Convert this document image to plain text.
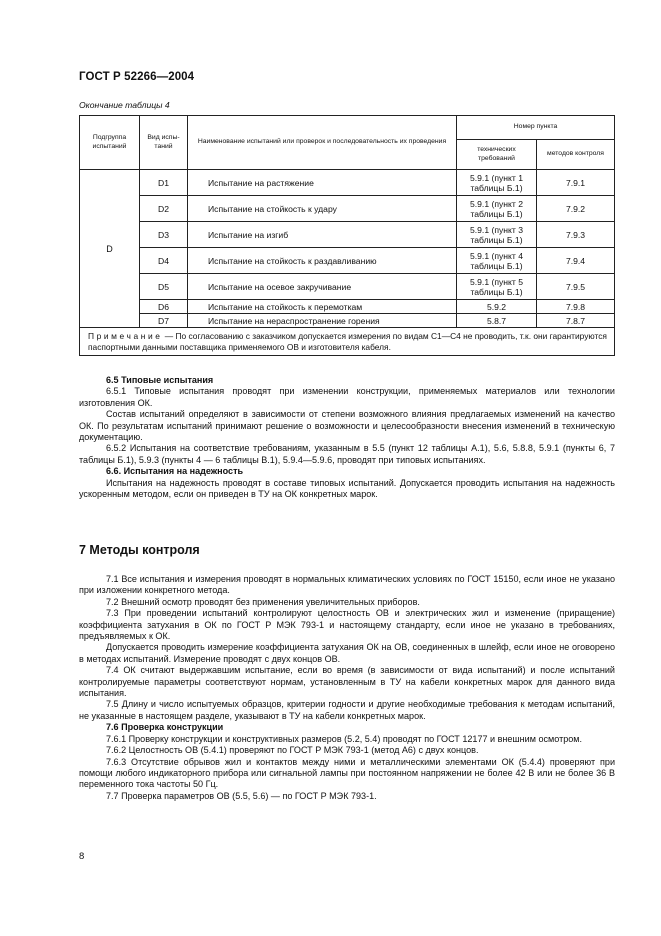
ГОСТ Р 52266—2004
Окончание таблицы 4
Подгруппа испытаний	Вид испы-таний	Наименование испытаний или проверок и последовательность их проведения	Номер пункта	
			технических требований	методов контроля
D	D1	Испытание на растяжение	5.9.1 (пункт 1 таблицы Б.1)	7.9.1
	D2	Испытание на стойкость к удару	5.9.1 (пункт 2 таблицы Б.1)	7.9.2
	D3	Испытание на изгиб	5.9.1 (пункт 3 таблицы Б.1)	7.9.3
	D4	Испытание на стойкость к раздавливанию	5.9.1 (пункт 4 таблицы Б.1)	7.9.4
	D5	Испытание на осевое закручивание	5.9.1 (пункт 5 таблицы Б.1)	7.9.5
	D6	Испытание на стойкость к перемоткам	5.9.2	7.9.8
	D7	Испытание на нераспространение горения	5.8.7	7.8.7
Примечание — По согласованию с заказчиком допускается измерения по видам С1—С4 не проводить, т.к. они гарантируются паспортными данными поставщика применяемого ОВ и изготовителя кабеля.				

6.5 Типовые испытания

6.5.1 Типовые испытания проводят при изменении конструкции, применяемых материалов или технологии изготовления ОК.

Состав испытаний определяют в зависимости от степени возможного влияния предлагаемых изменений на качество ОК. По результатам испытаний принимают решение о возможности и целесообразности внесения изменений в техническую документацию.

6.5.2 Испытания на соответствие требованиям, указанным в 5.5 (пункт 12 таблицы А.1), 5.6, 5.8.8, 5.9.1 (пункты 6, 7 таблицы Б.1), 5.9.3 (пункты 4 — 6 таблицы В.1), 5.9.4—5.9.6, проводят при типовых испытаниях.

6.6. Испытания на надежность

Испытания на надежность проводят в составе типовых испытаний. Допускается проводить испытания на надежность ускоренным методом, если он приведен в ТУ на ОК конкретных марок.

7 Методы контроля

7.1 Все испытания и измерения проводят в нормальных климатических условиях по ГОСТ 15150, если иное не указано при изложении конкретного метода.

7.2 Внешний осмотр проводят без применения увеличительных приборов.

7.3 При проведении испытаний контролируют целостность ОВ и электрических жил и изменение (приращение) коэффициента затухания в ОК по ГОСТ Р МЭК 793-1 и настоящему стандарту, если иное не указано в требованиях, предъявляемых к ОК.

Допускается проводить измерение коэффициента затухания ОК на ОВ, соединенных в шлейф, если иное не оговорено в методах испытаний. Измерение проводят с двух концов ОВ.

7.4 ОК считают выдержавшим испытание, если во время (в зависимости от вида испытаний) и после испытаний контролируемые параметры соответствуют нормам, установленным в ТУ на кабели конкретных марок для данного вида испытания.

7.5 Длину и число испытуемых образцов, критерии годности и другие необходимые требования к методам испытаний, не указанные в настоящем разделе, указывают в ТУ на кабели конкретных марок.

7.6 Проверка конструкции

7.6.1 Проверку конструкции и конструктивных размеров (5.2, 5.4) проводят по ГОСТ 12177 и внешним осмотром.

7.6.2 Целостность ОВ (5.4.1) проверяют по ГОСТ Р МЭК 793-1 (метод А6) с двух концов.

7.6.3 Отсутствие обрывов жил и контактов между ними и металлическими элементами ОК (5.4.4) проверяют при помощи любого индикаторного прибора или сигнальной лампы при постоянном напряжении не более 42 В или не более 36 В переменного тока частоты 50 Гц.

7.7 Проверка параметров ОВ (5.5, 5.6) — по ГОСТ Р МЭК 793-1.

8
